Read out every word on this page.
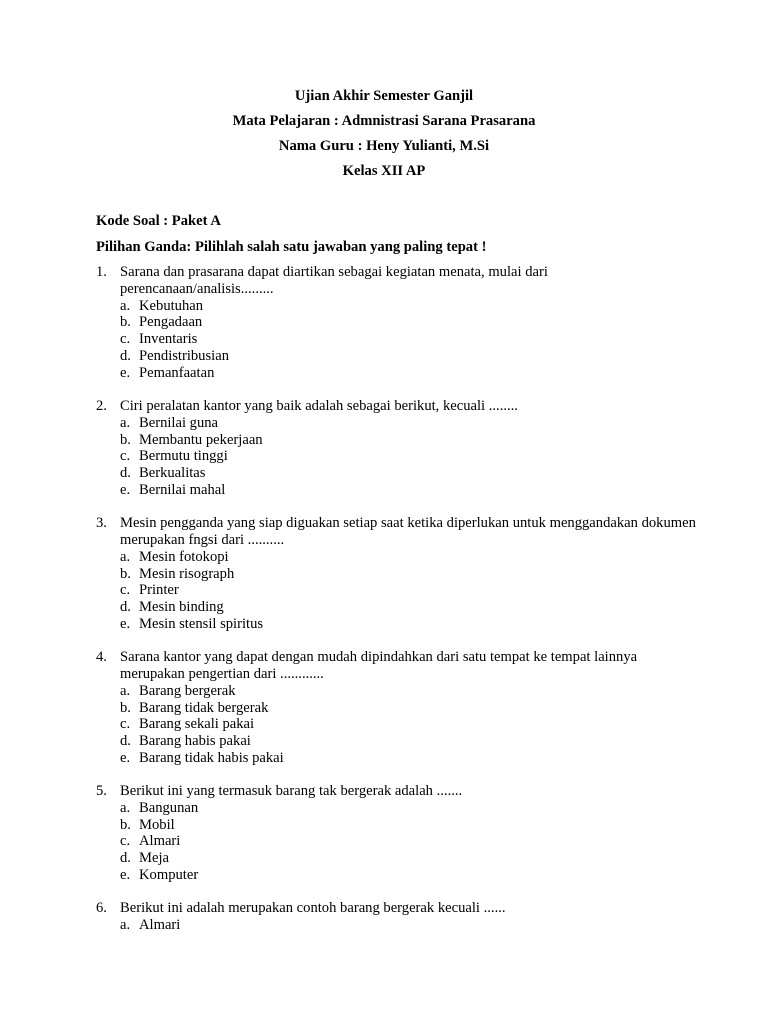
Ujian Akhir Semester Ganjil
Mata Pelajaran : Admnistrasi Sarana Prasarana
Nama Guru : Heny Yulianti, M.Si
Kelas XII AP
Kode Soal : Paket A
Pilihan Ganda: Pilihlah salah satu jawaban yang paling tepat !
1. Sarana dan prasarana dapat diartikan sebagai kegiatan menata, mulai dari perencanaan/analisis.........

a. Kebutuhan
b. Pengadaan
c. Inventaris
d. Pendistribusian
e. Pemanfaatan
2. Ciri peralatan kantor yang baik adalah sebagai berikut, kecuali ........

a. Bernilai guna
b. Membantu pekerjaan
c. Bermutu tinggi
d. Berkualitas
e. Bernilai mahal
3. Mesin pengganda yang siap diguakan setiap saat ketika diperlukan untuk menggandakan dokumen merupakan fngsi dari ..........

a. Mesin fotokopi
b. Mesin risograph
c. Printer
d. Mesin binding
e. Mesin stensil spiritus
4. Sarana kantor yang dapat dengan mudah dipindahkan dari satu tempat ke tempat lainnya merupakan pengertian dari ............

a. Barang bergerak
b. Barang tidak bergerak
c. Barang sekali pakai
d. Barang habis pakai
e. Barang tidak habis pakai
5. Berikut ini yang termasuk barang tak bergerak adalah .......

a. Bangunan
b. Mobil
c. Almari
d. Meja
e. Komputer
6. Berikut ini adalah merupakan contoh barang bergerak kecuali ......

a. Almari
